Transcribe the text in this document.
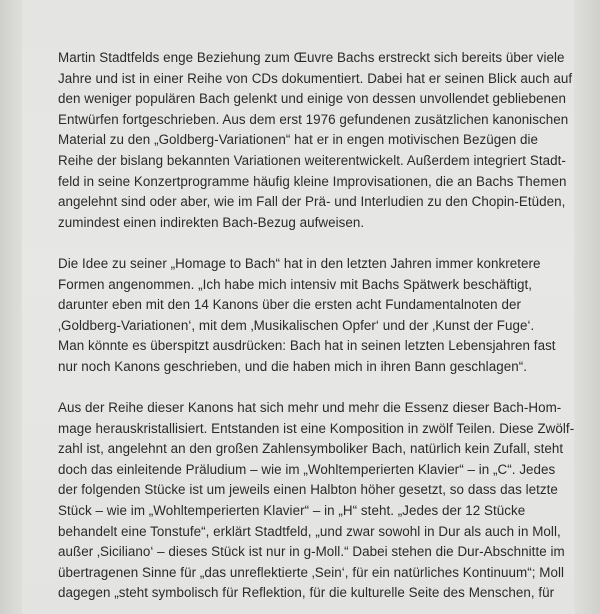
Martin Stadtfelds enge Beziehung zum Œuvre Bachs erstreckt sich bereits über viele
Jahre und ist in einer Reihe von CDs dokumentiert. Dabei hat er seinen Blick auch auf
den weniger populären Bach gelenkt und einige von dessen unvollendet gebliebenen
Entwürfen fortgeschrieben. Aus dem erst 1976 gefundenen zusätzlichen kanonischen
Material zu den „Goldberg-Variationen“ hat er in engen motivischen Bezügen die
Reihe der bislang bekannten Variationen weiterentwickelt. Außerdem integriert Stadt-
feld in seine Konzertprogramme häufig kleine Improvisationen, die an Bachs Themen
angelehnt sind oder aber, wie im Fall der Prä- und Interludien zu den Chopin-Etüden,
zumindest einen indirekten Bach-Bezug aufweisen.
Die Idee zu seiner „Homage to Bach“ hat in den letzten Jahren immer konkretere
Formen angenommen. „Ich habe mich intensiv mit Bachs Spätwerk beschäftigt,
darunter eben mit den 14 Kanons über die ersten acht Fundamentalnoten der
‚Goldberg-Variationen‘, mit dem ‚Musikalischen Opfer‘ und der ‚Kunst der Fuge‘.
Man könnte es überspitzt ausdrücken: Bach hat in seinen letzten Lebensjahren fast
nur noch Kanons geschrieben, und die haben mich in ihren Bann geschlagen“.
Aus der Reihe dieser Kanons hat sich mehr und mehr die Essenz dieser Bach-Hom-
mage herauskristallisiert. Entstanden ist eine Komposition in zwölf Teilen. Diese Zwölf-
zahl ist, angelehnt an den großen Zahlensymboliker Bach, natürlich kein Zufall, steht
doch das einleitende Präludium – wie im „Wohltemperierten Klavier“ – in „C“. Jedes
der folgenden Stücke ist um jeweils einen Halbton höher gesetzt, so dass das letzte
Stück – wie im „Wohltemperierten Klavier“ – in „H“ steht. „Jedes der 12 Stücke
behandelt eine Tonstufe“, erklärt Stadtfeld, „und zwar sowohl in Dur als auch in Moll,
außer ‚Siciliano‘ – dieses Stück ist nur in g-Moll.“ Dabei stehen die Dur-Abschnitte im
übertragenen Sinne für „das unreflektierte ‚Sein‘, für ein natürliches Kontinuum“; Moll
dagegen „steht symbolisch für Reflektion, für die kulturelle Seite des Menschen, für
